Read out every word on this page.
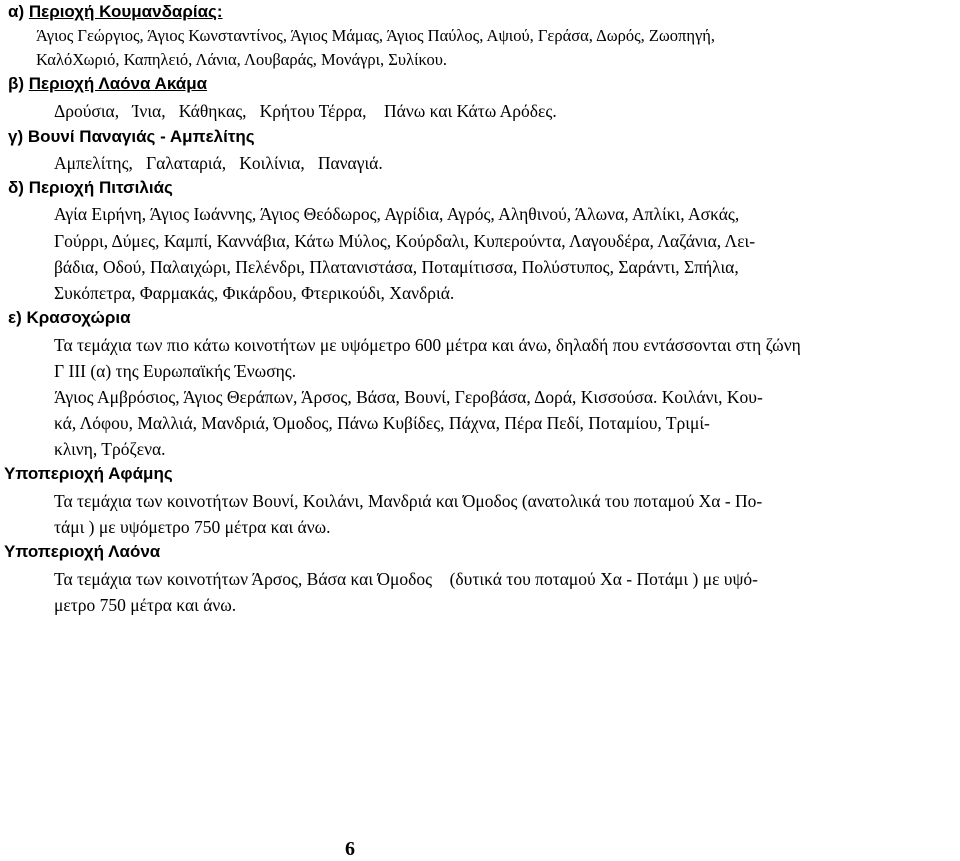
α) Περιοχή Κουμανδαρίας:
Άγιος Γεώργιος, Άγιος Κωνσταντίνος, Άγιος Μάμας, Άγιος Παύλος, Αψιού, Γεράσα, Δωρός, Ζωοπηγή,
ΚαλόΧωριό, Καπηλειό, Λάνια, Λουβαράς, Μονάγρι, Συλίκου.
β) Περιοχή Λαόνα Ακάμα
Δρούσια,   Ίνια,   Κάθηκας,   Κρήτου Τέρρα,    Πάνω και Κάτω Αρόδες.
γ) Βουνί Παναγιάς - Αμπελίτης
Αμπελίτης,   Γαλαταριά,   Κοιλίνια,   Παναγιά.
δ) Περιοχή Πιτσιλιάς
Αγία Ειρήνη, Άγιος Ιωάννης, Άγιος Θεόδωρος, Αγρίδια, Αγρός, Αληθινού, Άλωνα, Απλίκι, Ασκάς,
Γούρρι, Δύμες, Καμπί, Καννάβια, Κάτω Μύλος, Κούρδαλι, Κυπερούντα, Λαγουδέρα, Λαζάνια, Λει-
βάδια, Οδού, Παλαιχώρι, Πελένδρι, Πλατανιστάσα, Ποταμίτισσα, Πολύστυπος, Σαράντι, Σπήλια,
Συκόπετρα, Φαρμακάς, Φικάρδου, Φτερικούδι, Χανδριά.
ε) Κρασοχώρια
Τα τεμάχια των πιο κάτω κοινοτήτων με υψόμετρο 600 μέτρα και άνω, δηλαδή που εντάσσονται στη ζώνη
Γ ΙΙΙ (α) της Ευρωπαϊκής Ένωσης.
Άγιος Αμβρόσιος, Άγιος Θεράπων, Άρσος, Βάσα, Βουνί, Γεροβάσα, Δορά, Κισσούσα. Κοιλάνι, Κου-
κά, Λόφου, Μαλλιά, Μανδριά, Όμοδος, Πάνω Κυβίδες, Πάχνα, Πέρα Πεδί, Ποταμίου, Τριμί-
κλινη, Τρόζενα.
Υποπεριοχή Αφάμης
Τα τεμάχια των κοινοτήτων Βουνί, Κοιλάνι, Μανδριά και Όμοδος (ανατολικά του ποταμού Χα - Πο-
τάμι ) με υψόμετρο 750 μέτρα και άνω.
Υποπεριοχή Λαόνα
Τα τεμάχια των κοινοτήτων Άρσος, Βάσα και Όμοδος    (δυτικά του ποταμού Χα - Ποτάμι ) με υψό-
μετρο 750 μέτρα και άνω.
6
